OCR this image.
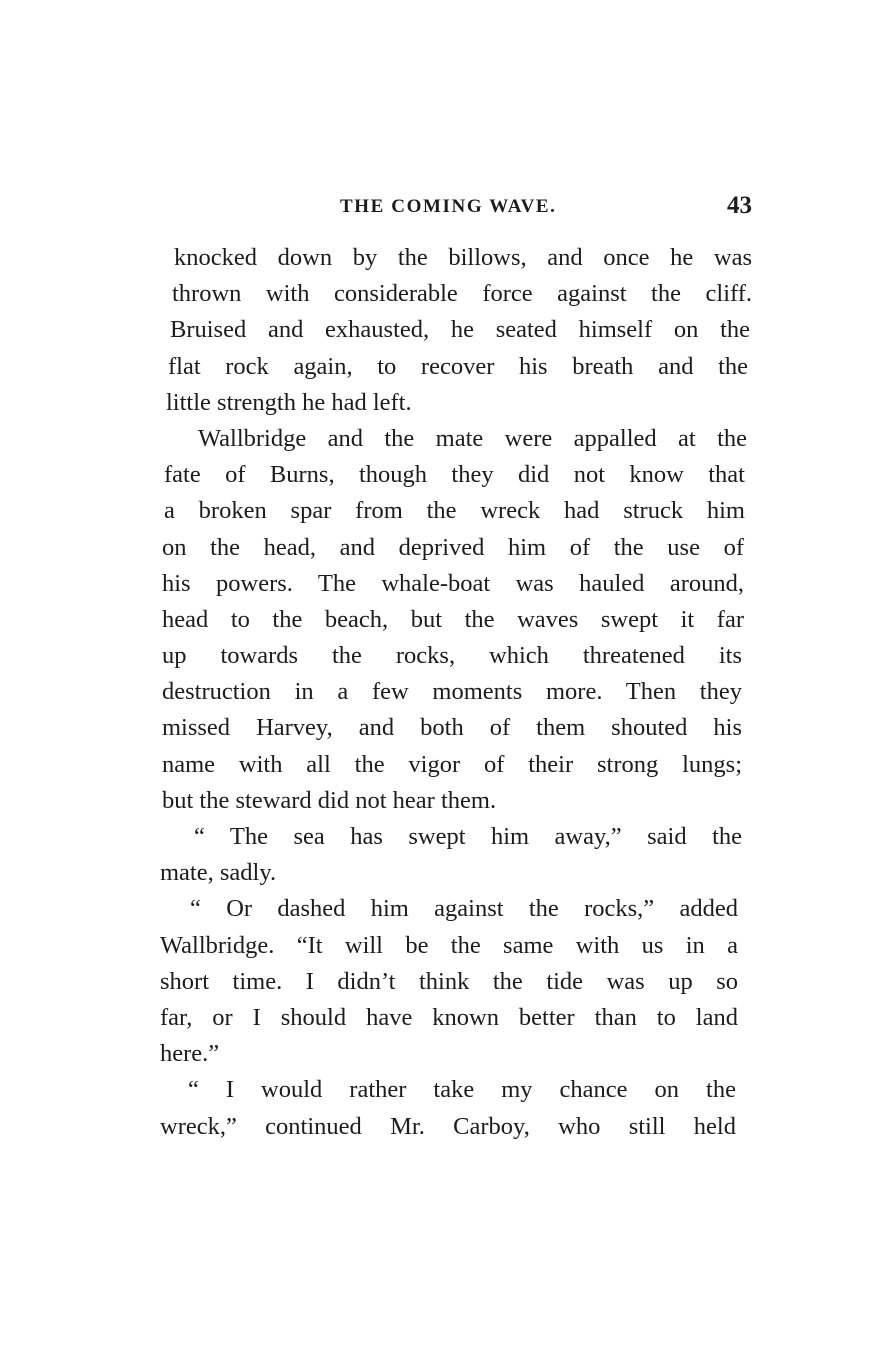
THE COMING WAVE.	43
knocked down by the billows, and once he was
thrown with considerable force against the cliff.
Bruised and exhausted, he seated himself on the
flat rock again, to recover his breath and the
little strength he had left.
Wallbridge and the mate were appalled at the
fate of Burns, though they did not know that
a broken spar from the wreck had struck him
on the head, and deprived him of the use of
his powers. The whale-boat was hauled around,
head to the beach, but the waves swept it far
up towards the rocks, which threatened its
destruction in a few moments more. Then they
missed Harvey, and both of them shouted his
name with all the vigor of their strong lungs;
but the steward did not hear them.
“ The sea has swept him away,” said the
mate, sadly.
“ Or dashed him against the rocks,” added
Wallbridge. “It will be the same with us in a
short time. I didn’t think the tide was up so
far, or I should have known better than to land
here.”
“ I would rather take my chance on the
wreck,” continued Mr. Carboy, who still held
